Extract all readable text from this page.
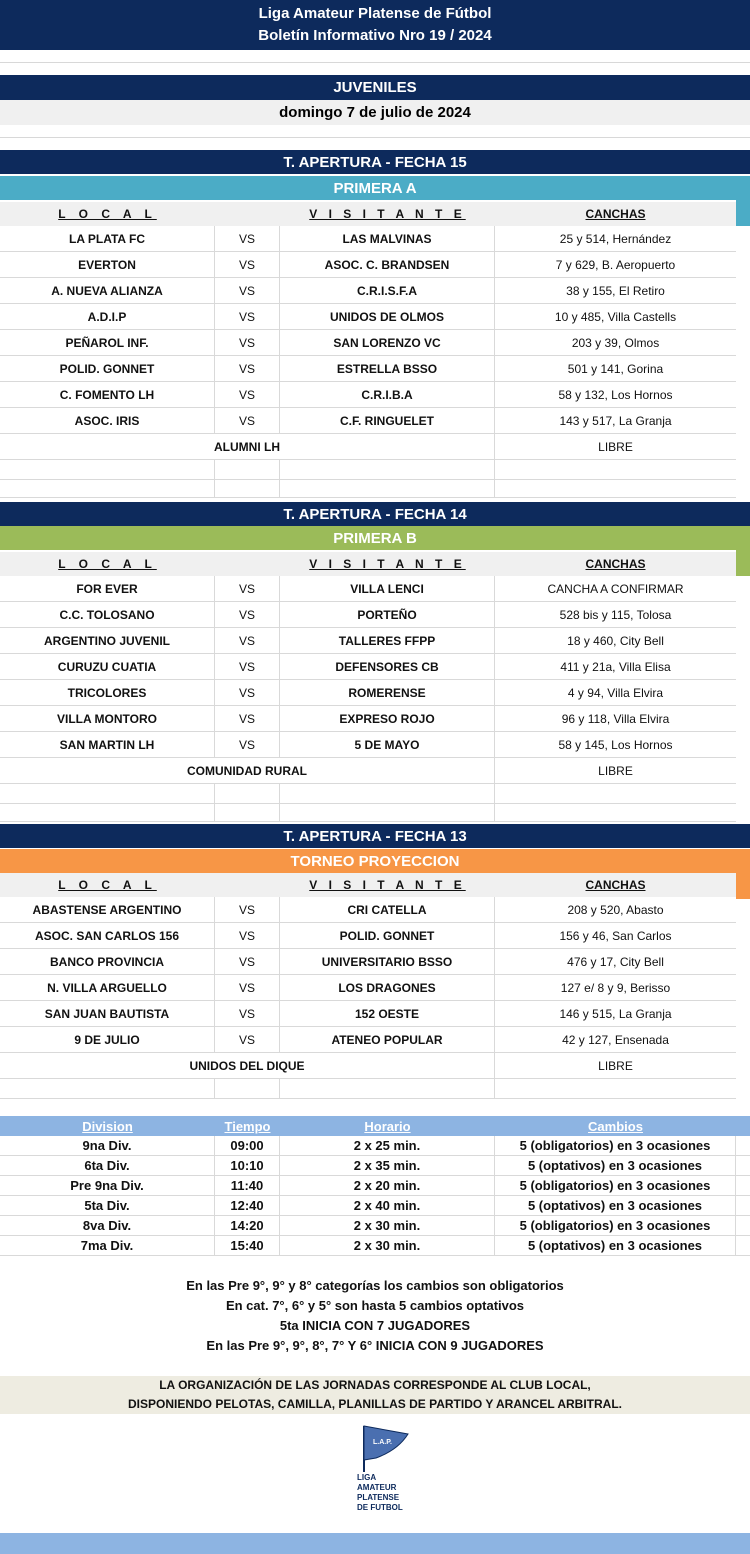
Liga Amateur Platense de Fútbol
Boletín Informativo Nro 19 / 2024
JUVENILES
domingo 7 de julio de 2024
T. APERTURA - FECHA 15
PRIMERA A
L O C A L	V I S I T A N T E	CANCHAS
LA PLATA FC	VS	LAS MALVINAS	25 y 514, Hernández
EVERTON	VS	ASOC. C. BRANDSEN	7 y 629, B. Aeropuerto
A. NUEVA ALIANZA	VS	C.R.I.S.F.A	38 y 155, El Retiro
A.D.I.P	VS	UNIDOS DE OLMOS	10 y 485, Villa Castells
PEÑAROL INF.	VS	SAN LORENZO VC	203 y 39, Olmos
POLID. GONNET	VS	ESTRELLA BSSO	501 y 141, Gorina
C. FOMENTO LH	VS	C.R.I.B.A	58 y 132, Los Hornos
ASOC. IRIS	VS	C.F. RINGUELET	143 y 517, La Granja
ALUMNI LH	LIBRE
T. APERTURA - FECHA 14
PRIMERA B
L O C A L	V I S I T A N T E	CANCHAS
FOR EVER	VS	VILLA LENCI	CANCHA A CONFIRMAR
C.C. TOLOSANO	VS	PORTEÑO	528 bis y 115, Tolosa
ARGENTINO JUVENIL	VS	TALLERES FFPP	18 y 460, City Bell
CURUZU CUATIA	VS	DEFENSORES CB	411 y 21a, Villa Elisa
TRICOLORES	VS	ROMERENSE	4 y 94, Villa Elvira
VILLA MONTORO	VS	EXPRESO ROJO	96 y 118, Villa Elvira
SAN MARTIN LH	VS	5 DE MAYO	58 y 145, Los Hornos
COMUNIDAD RURAL	LIBRE
T. APERTURA - FECHA 13
TORNEO PROYECCION
L O C A L	V I S I T A N T E	CANCHAS
ABASTENSE ARGENTINO	VS	CRI CATELLA	208 y 520, Abasto
ASOC. SAN CARLOS 156	VS	POLID. GONNET	156 y 46, San Carlos
BANCO PROVINCIA	VS	UNIVERSITARIO BSSO	476 y 17, City Bell
N. VILLA ARGUELLO	VS	LOS DRAGONES	127 e/ 8 y 9, Berisso
SAN JUAN BAUTISTA	VS	152 OESTE	146 y 515, La Granja
9 DE JULIO	VS	ATENEO POPULAR	42 y 127, Ensenada
UNIDOS DEL DIQUE	LIBRE
Division	Tiempo	Horario	Cambios
9na Div.	09:00	2 x 25 min.	5 (obligatorios) en 3 ocasiones
6ta Div.	10:10	2 x 35 min.	5 (optativos) en 3 ocasiones
Pre 9na Div.	11:40	2 x 20 min.	5 (obligatorios) en 3 ocasiones
5ta Div.	12:40	2 x 40 min.	5 (optativos) en 3 ocasiones
8va Div.	14:20	2 x 30 min.	5 (obligatorios) en 3 ocasiones
7ma Div.	15:40	2 x 30 min.	5 (optativos) en 3 ocasiones
En las Pre 9°, 9° y 8° categorías los cambios son obligatorios
En cat. 7°, 6° y 5° son hasta 5 cambios optativos
5ta INICIA CON 7 JUGADORES
En las Pre 9°, 9°, 8°, 7° Y 6° INICIA CON 9 JUGADORES
LA ORGANIZACIÓN DE LAS JORNADAS CORRESPONDE AL CLUB LOCAL,
DISPONIENDO PELOTAS, CAMILLA, PLANILLAS DE PARTIDO Y ARANCEL ARBITRAL.
L.A.P.
LIGA
AMATEUR
PLATENSE
DE FUTBOL
